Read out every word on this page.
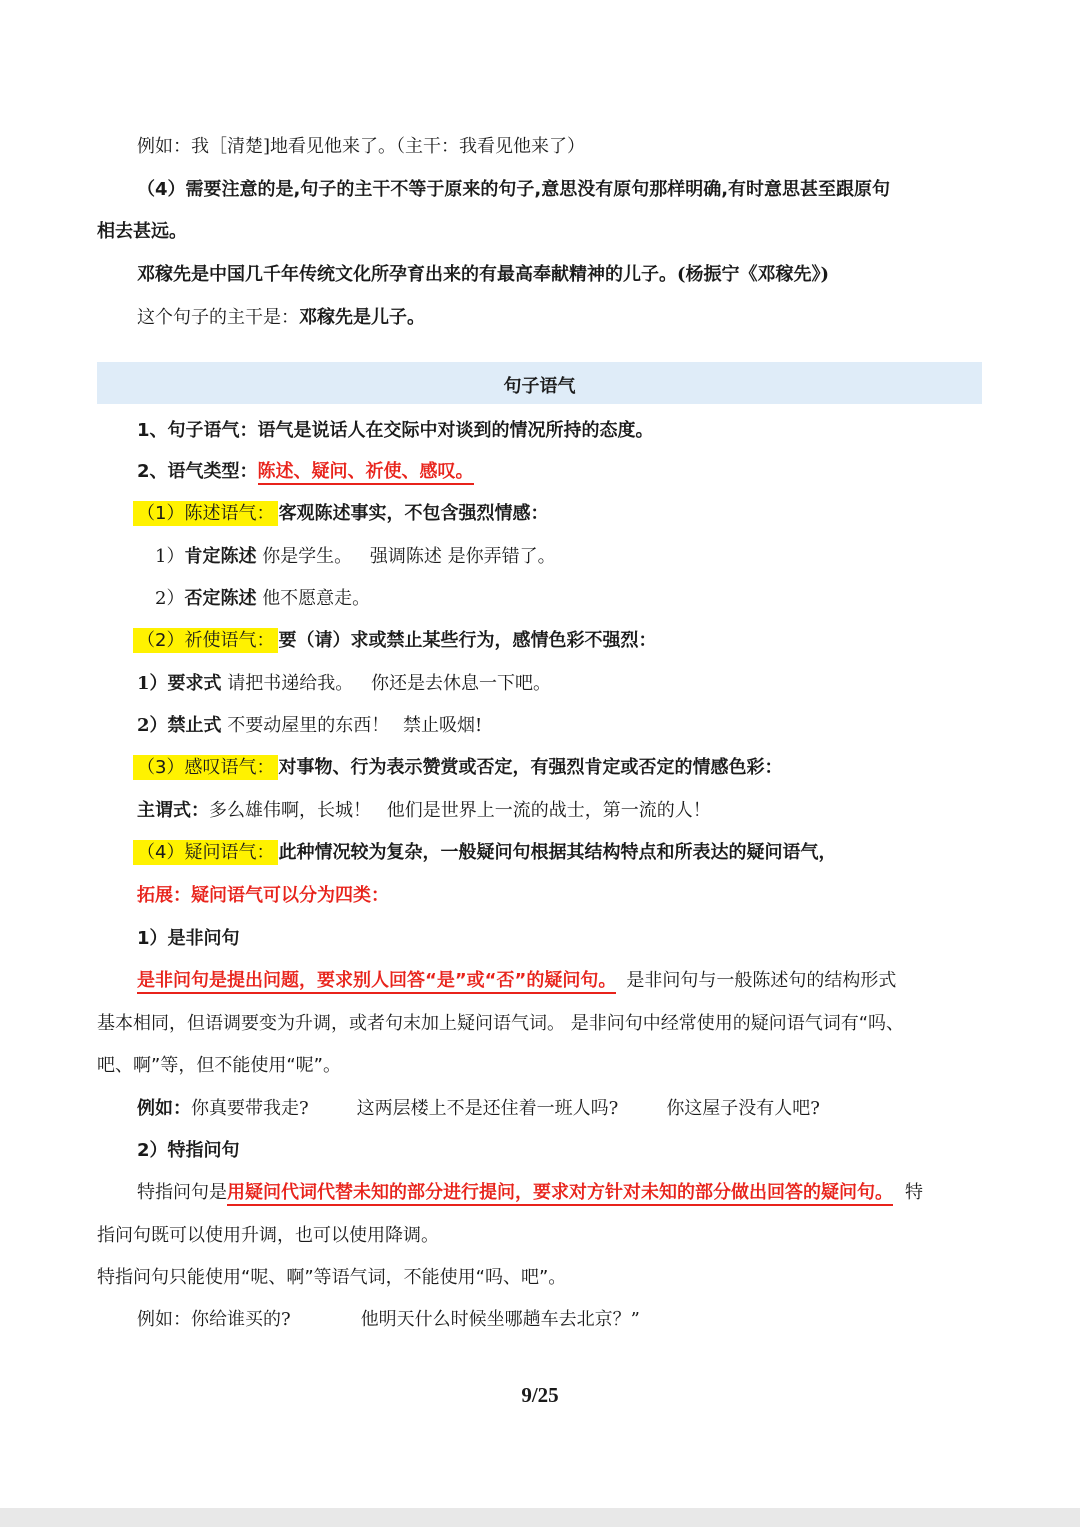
例如：我［清楚]地看见他来了。（主干：我看见他来了）
（4）需要注意的是,句子的主干不等于原来的句子,意思没有原句那样明确,有时意思甚至跟原句
相去甚远。
邓稼先是中国几千年传统文化所孕育出来的有最高奉献精神的儿子。(杨振宁《邓稼先》)
这个句子的主干是：邓稼先是儿子。
句子语气
1、句子语气：语气是说话人在交际中对谈到的情况所持的态度。
2、语气类型：陈述、疑问、祈使、感叹。
（1）陈述语气： 客观陈述事实，不包含强烈情感：
1）肯定陈述 你是学生。 强调陈述 是你弄错了。
2）否定陈述 他不愿意走。
（2）祈使语气： 要（请）求或禁止某些行为，感情色彩不强烈：
1）要求式 请把书递给我。 你还是去休息一下吧。
2）禁止式 不要动屋里的东西！ 禁止吸烟!
（3）感叹语气： 对事物、行为表示赞赏或否定，有强烈肯定或否定的情感色彩：
主谓式：多么雄伟啊，长城！ 他们是世界上一流的战士，第一流的人！
（4）疑问语气： 此种情况较为复杂，一般疑问句根据其结构特点和所表达的疑问语气，
拓展：疑问语气可以分为四类：
1）是非问句
是非问句是提出问题，要求别人回答“是”或“否”的疑问句。 是非问句与一般陈述句的结构形式
基本相同，但语调要变为升调，或者句末加上疑问语气词。 是非问句中经常使用的疑问语气词有“吗、
吧、啊”等，但不能使用“呢”。
例如：你真要带我走?	这两层楼上不是还住着一班人吗?	你这屋子没有人吧?
2）特指问句
特指问句是用疑问代词代替未知的部分进行提问，要求对方针对未知的部分做出回答的疑问句。 特
指问句既可以使用升调，也可以使用降调。
特指问句只能使用“呢、啊”等语气词，不能使用“吗、吧”。
例如：你给谁买的?	他明天什么时候坐哪趟车去北京？”
9/25
